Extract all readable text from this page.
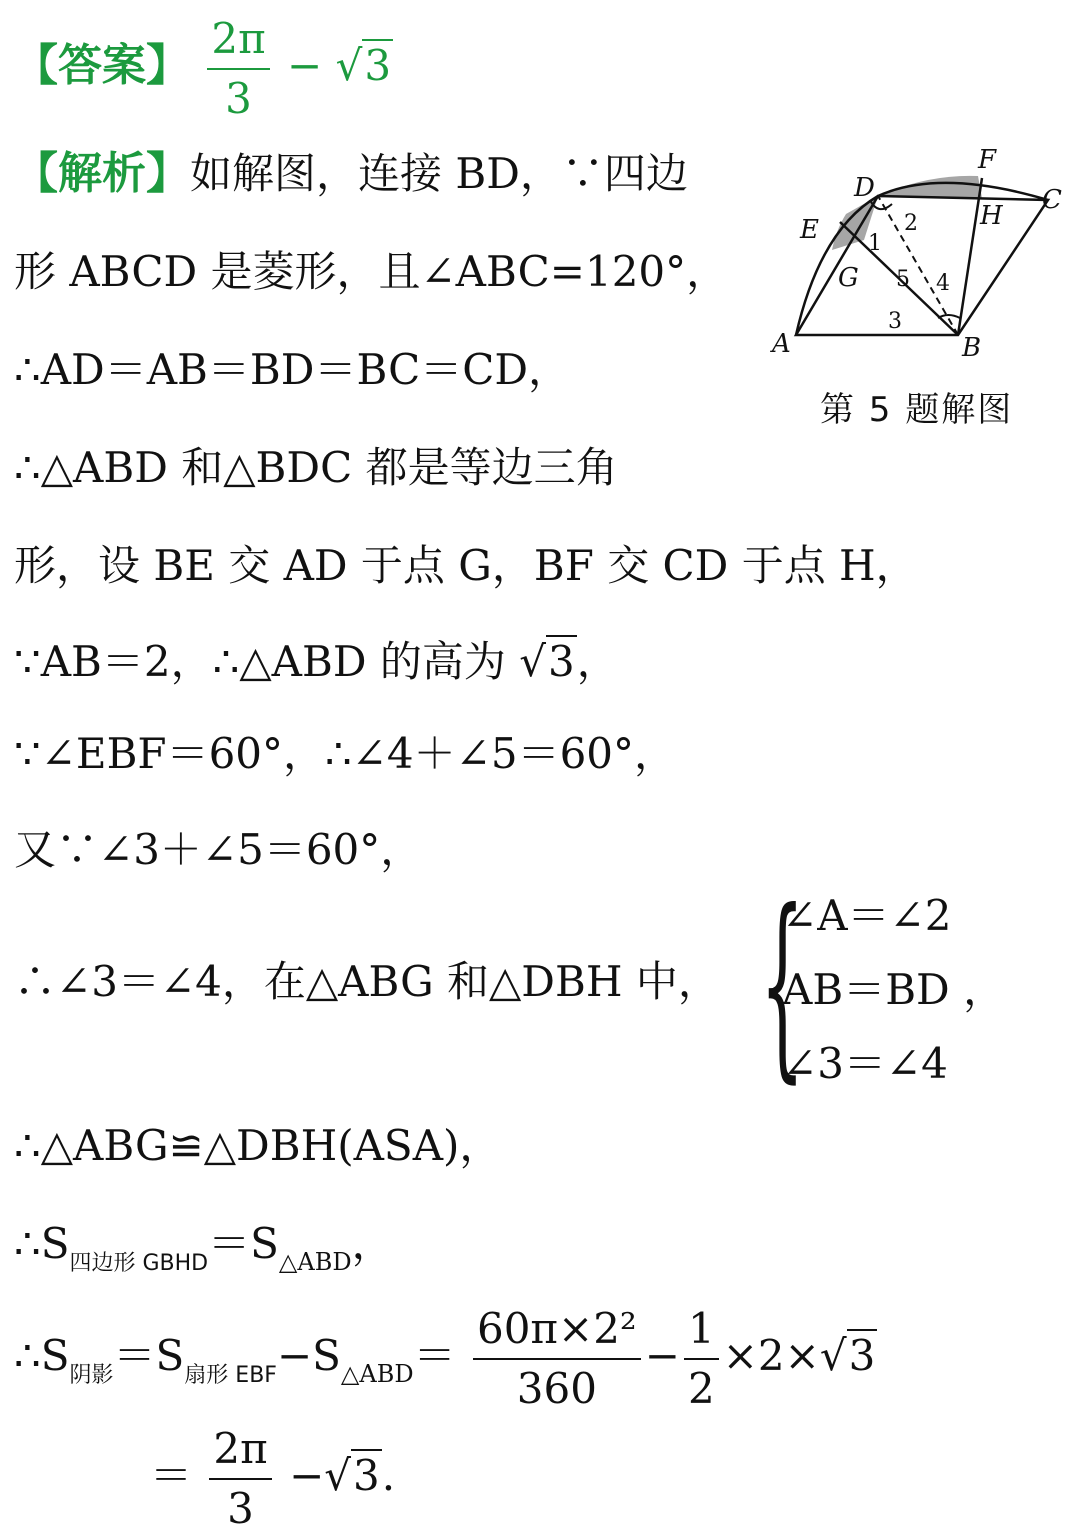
【答案】 $\frac{2\pi}{3} - √3$
【解析】如解图，连接 BD，∵四边
形 ABCD 是菱形，且∠ABC=120°，
∴AD＝AB＝BD＝BC＝CD，
∴△ABD 和△BDC 都是等边三角
形，设 BE 交 AD 于点 G，BF 交 CD 于点 H，
∵AB＝2，∴△ABD 的高为 √3，
∵∠EBF＝60°，∴∠4＋∠5＝60°，
又∵∠3＋∠5＝60°，
∴∠3＝∠4，在△ABG 和△DBH 中， {
∠A＝∠2
AB＝BD ，
∠3＝∠4
∴△ABG≌△DBH(ASA)，
$\therefore S_{四边形 GBHD}=S_{\triangle ABD}$，
$\therefore S_{阴影}=S_{扇形 EBF}-S_{\triangle ABD}= \frac{\text{60π×2²}}{360} - \frac{1}{2} \times 2\times√3$
＝ $\frac{2\pi}{3} -√3$.
A	B
C
D
E
F
G
H
1
2
3
4
5
第 5 题解图
